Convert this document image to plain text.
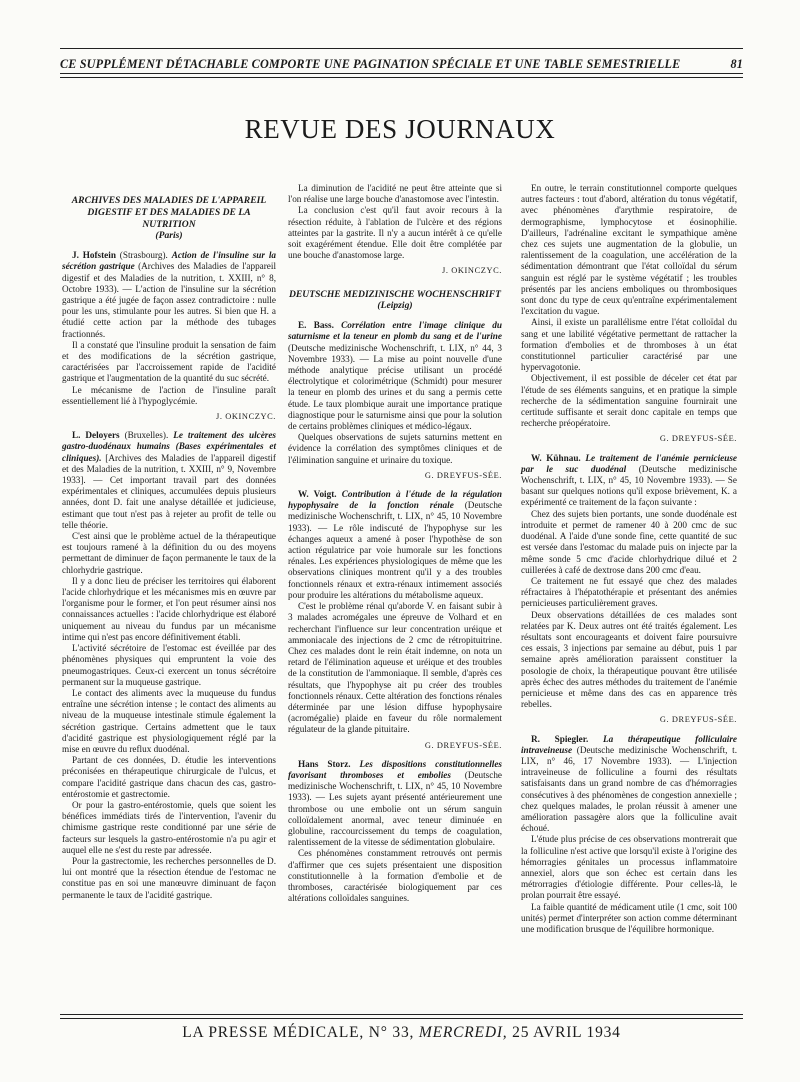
CE SUPPLÉMENT DÉTACHABLE COMPORTE UNE PAGINATION SPÉCIALE ET UNE TABLE SEMESTRIELLE	81
REVUE DES JOURNAUX
ARCHIVES DES MALADIES DE L'APPAREIL DIGESTIF ET DES MALADIES DE LA NUTRITION
(Paris)

J. Hofstein (Strasbourg). Action de l'insuline sur la sécrétion gastrique (Archives des Maladies de l'appareil digestif et des Maladies de la nutrition, t. XXIII, n° 8, Octobre 1933). — L'action de l'insuline sur la sécrétion gastrique a été jugée de façon assez contradictoire : nulle pour les uns, stimulante pour les autres. Si bien que H. a étudié cette action par la méthode des tubages fractionnés.

Il a constaté que l'insuline produit la sensation de faim et des modifications de la sécrétion gastrique, caractérisées par l'accroissement rapide de l'acidité gastrique et l'augmentation de la quantité du suc sécrété.

Le mécanisme de l'action de l'insuline paraît essentiellement lié à l'hypoglycémie.

J. OKINCZYC.

L. Deloyers (Bruxelles). Le traitement des ulcères gastro-duodénaux humains (Bases expérimentales et cliniques). [Archives des Maladies de l'appareil digestif et des Maladies de la nutrition, t. XXIII, n° 9, Novembre 1933]. — Cet important travail part des données expérimentales et cliniques, accumulées depuis plusieurs années, dont D. fait une analyse détaillée et judicieuse, estimant que tout n'est pas à rejeter au profit de telle ou telle théorie.

C'est ainsi que le problème actuel de la thérapeutique est toujours ramené à la définition du ou des moyens permettant de diminuer de façon permanente le taux de la chlorhydrie gastrique.

Il y a donc lieu de préciser les territoires qui élaborent l'acide chlorhydrique et les mécanismes mis en œuvre par l'organisme pour le former, et l'on peut résumer ainsi nos connaissances actuelles : l'acide chlorhydrique est élaboré uniquement au niveau du fundus par un mécanisme intime qui n'est pas encore définitivement établi.

L'activité sécrétoire de l'estomac est éveillée par des phénomènes physiques qui empruntent la voie des pneumogastriques. Ceux-ci exercent un tonus sécrétoire permanent sur la muqueuse gastrique.

Le contact des aliments avec la muqueuse du fundus entraîne une sécrétion intense ; le contact des aliments au niveau de la muqueuse intestinale stimule également la sécrétion gastrique. Certains admettent que le taux d'acidité gastrique est physiologiquement réglé par la mise en œuvre du reflux duodénal.

Partant de ces données, D. étudie les interventions préconisées en thérapeutique chirurgicale de l'ulcus, et compare l'acidité gastrique dans chacun des cas, gastro-entérostomie et gastrectomie.

Or pour la gastro-entérostomie, quels que soient les bénéfices immédiats tirés de l'intervention, l'avenir du chimisme gastrique reste conditionné par une série de facteurs sur lesquels la gastro-entérostomie n'a pu agir et auquel elle ne s'est du reste par adressée.

Pour la gastrectomie, les recherches personnelles de D. lui ont montré que la résection étendue de l'estomac ne constitue pas en soi une manœuvre diminuant de façon permanente le taux de l'acidité gastrique.

La diminution de l'acidité ne peut être atteinte que si l'on réalise une large bouche d'anastomose avec l'intestin.

La conclusion c'est qu'il faut avoir recours à la résection réduite, à l'ablation de l'ulcère et des régions atteintes par la gastrite. Il n'y a aucun intérêt à ce qu'elle soit exagérément étendue. Elle doit être complétée par une bouche d'anastomose large.

J. OKINCZYC.
DEUTSCHE MEDIZINISCHE WOCHENSCHRIFT
(Leipzig)

E. Bass. Corrélation entre l'image clinique du saturnisme et la teneur en plomb du sang et de l'urine (Deutsche medizinische Wochenschrift, t. LIX, n° 44, 3 Novembre 1933). — La mise au point nouvelle d'une méthode analytique précise utilisant un procédé électrolytique et colorimétrique (Schmidt) pour mesurer la teneur en plomb des urines et du sang a permis cette étude. Le taux plombique aurait une importance pratique diagnostique pour le saturnisme ainsi que pour la solution de certains problèmes cliniques et médico-légaux.

Quelques observations de sujets saturnins mettent en évidence la corrélation des symptômes cliniques et de l'élimination sanguine et urinaire du toxique.

G. DREYFUS-SÉE.

W. Voigt. Contribution à l'étude de la régulation hypophysaire de la fonction rénale (Deutsche medizinische Wochenschrift, t. LIX, n° 45, 10 Novembre 1933). — Le rôle indiscuté de l'hypophyse sur les échanges aqueux a amené à poser l'hypothèse de son action régulatrice par voie humorale sur les fonctions rénales. Les expériences physiologiques de même que les observations cliniques montrent qu'il y a des troubles fonctionnels rénaux et extra-rénaux intimement associés pour produire les altérations du métabolisme aqueux.

C'est le problème rénal qu'aborde V. en faisant subir à 3 malades acromégales une épreuve de Volhard et en recherchant l'influence sur leur concentration uréique et ammoniacale des injections de 2 cmc de rétropituitrine. Chez ces malades dont le rein était indemne, on nota un retard de l'élimination aqueuse et uréique et des troubles de la constitution de l'ammoniaque. Il semble, d'après ces résultats, que l'hypophyse ait pu créer des troubles fonctionnels rénaux. Cette altération des fonctions rénales déterminée par une lésion diffuse hypophysaire (acromégalie) plaide en faveur du rôle normalement régulateur de la glande pituitaire.

G. DREYFUS-SÉE.

Hans Storz. Les dispositions constitutionnelles favorisant thromboses et embolies (Deutsche medizinische Wochenschrift, t. LIX, n° 45, 10 Novembre 1933). — Les sujets ayant présenté antérieurement une thrombose ou une embolie ont un sérum sanguin colloïdalement anormal, avec teneur diminuée en globuline, raccourcissement du temps de coagulation, ralentissement de la vitesse de sédimentation globulaire.

Ces phénomènes constamment retrouvés ont permis d'affirmer que ces sujets présentaient une disposition constitutionnelle à la formation d'embolie et de thromboses, caractérisée biologiquement par ces altérations colloïdales sanguines.

En outre, le terrain constitutionnel comporte quelques autres facteurs : tout d'abord, altération du tonus végétatif, avec phénomènes d'arythmie respiratoire, de dermographisme, lymphocytose et éosinophilie. D'ailleurs, l'adrénaline excitant le sympathique amène chez ces sujets une augmentation de la globulie, un ralentissement de la coagulation, une accélération de la sédimentation démontrant que l'état colloïdal du sérum sanguin est réglé par le système végétatif ; les troubles présentés par les anciens emboliques ou thrombosiques sont donc du type de ceux qu'entraîne expérimentalement l'excitation du vague.

Ainsi, il existe un parallélisme entre l'état colloïdal du sang et une labilité végétative permettant de rattacher la formation d'embolies et de thromboses à un état constitutionnel particulier caractérisé par une hypervagotonie.

Objectivement, il est possible de déceler cet état par l'étude de ses éléments sanguins, et en pratique la simple recherche de la sédimentation sanguine fournirait une certitude suffisante et serait donc capitale en temps que recherche préopératoire.

G. DREYFUS-SÉE.

W. Kühnau. Le traitement de l'anémie pernicieuse par le suc duodénal (Deutsche medizinische Wochenschrift, t. LIX, n° 45, 10 Novembre 1933). — Se basant sur quelques notions qu'il expose brièvement, K. a expérimenté ce traitement de la façon suivante :

Chez des sujets bien portants, une sonde duodénale est introduite et permet de ramener 40 à 200 cmc de suc duodénal. A l'aide d'une sonde fine, cette quantité de suc est versée dans l'estomac du malade puis on injecte par la même sonde 5 cmc d'acide chlorhydrique dilué et 2 cuillerées à café de dextrose dans 200 cmc d'eau.

Ce traitement ne fut essayé que chez des malades réfractaires à l'hépatothérapie et présentant des anémies pernicieuses particulièrement graves.

Deux observations détaillées de ces malades sont relatées par K. Deux autres ont été traités également. Les résultats sont encourageants et doivent faire poursuivre ces essais, 3 injections par semaine au début, puis 1 par semaine après amélioration paraissent constituer la posologie de choix, la thérapeutique pouvant être utilisée après échec des autres méthodes du traitement de l'anémie pernicieuse et même dans des cas en apparence très rebelles.

G. DREYFUS-SÉE.

R. Spiegler. La thérapeutique folliculaire intraveineuse (Deutsche medizinische Wochenschrift, t. LIX, n° 46, 17 Novembre 1933). — L'injection intraveineuse de folliculine a fourni des résultats satisfaisants dans un grand nombre de cas d'hémorragies consécutives à des phénomènes de congestion annexielle ; chez quelques malades, le prolan réussit à amener une amélioration passagère alors que la folliculine avait échoué.

L'étude plus précise de ces observations montrerait que la folliculine n'est active que lorsqu'il existe à l'origine des hémorragies génitales un processus inflammatoire annexiel, alors que son échec est certain dans les métrorragies d'étiologie différente. Pour celles-là, le prolan pourrait être essayé.

La faible quantité de médicament utile (1 cmc, soit 100 unités) permet d'interpréter son action comme déterminant une modification brusque de l'équilibre hormonique.

LA PRESSE MÉDICALE, N° 33, MERCREDI, 25 AVRIL 1934
